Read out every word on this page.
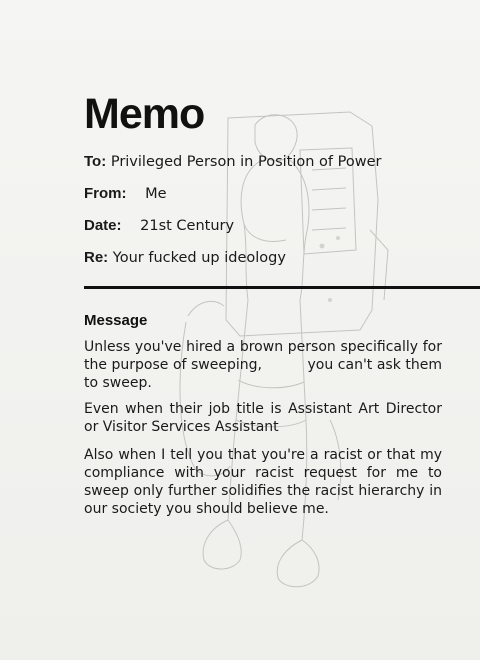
Memo
To: Privileged Person in Position of Power
From: Me
Date: 21st Century
Re: Your fucked up ideology
Message

Unless you've hired a brown person specifically for the purpose of sweeping,          you can't ask them to sweep.

Even when their job title is Assistant Art Director or Visitor Services Assistant

Also when I tell you that you're a racist or that my compliance with your racist request for me to sweep only further solidifies the racist hierarchy in our society you should believe me.
